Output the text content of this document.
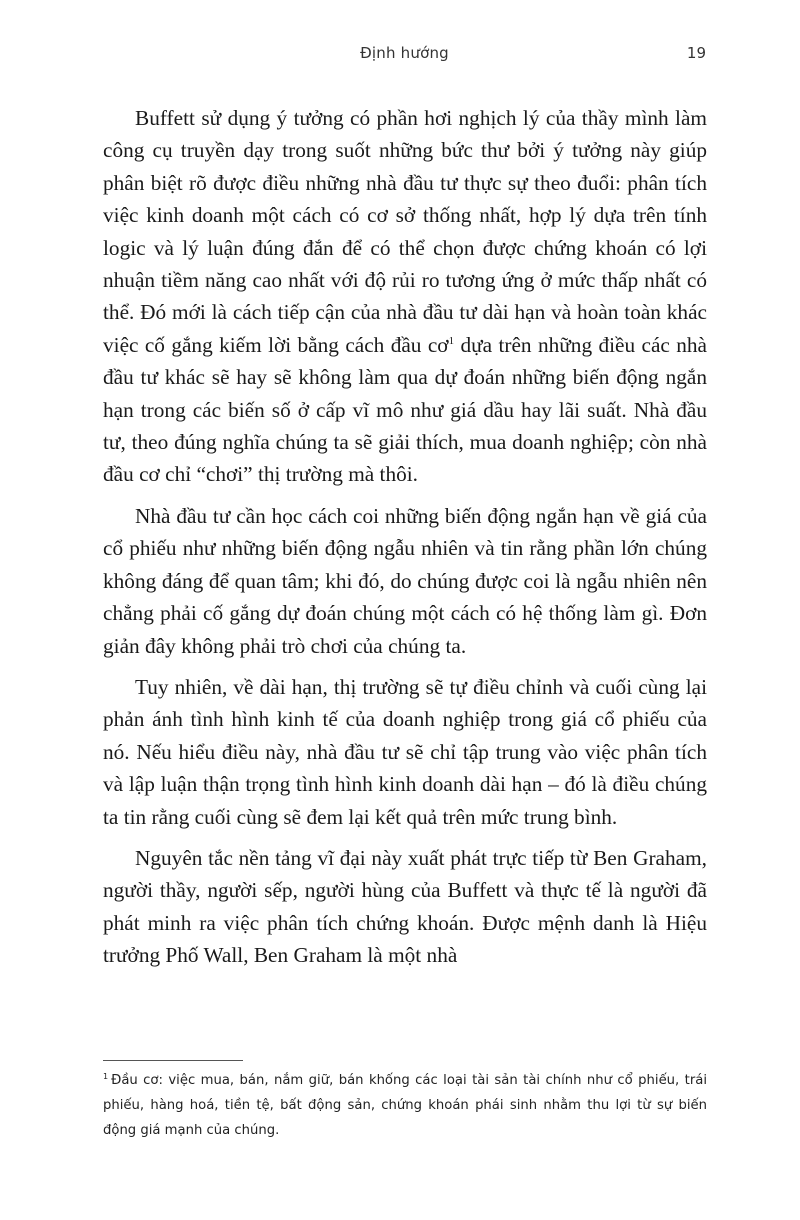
Định hướng	19

Buffett sử dụng ý tưởng có phần hơi nghịch lý của thầy mình làm công cụ truyền dạy trong suốt những bức thư bởi ý tưởng này giúp phân biệt rõ được điều những nhà đầu tư thực sự theo đuổi: phân tích việc kinh doanh một cách có cơ sở thống nhất, hợp lý dựa trên tính logic và lý luận đúng đắn để có thể chọn được chứng khoán có lợi nhuận tiềm năng cao nhất với độ rủi ro tương ứng ở mức thấp nhất có thể. Đó mới là cách tiếp cận của nhà đầu tư dài hạn và hoàn toàn khác việc cố gắng kiếm lời bằng cách đầu $cơ^1$ dựa trên những điều các nhà đầu tư khác sẽ hay sẽ không làm qua dự đoán những biến động ngắn hạn trong các biến số ở cấp vĩ mô như giá dầu hay lãi suất. Nhà đầu tư, theo đúng nghĩa chúng ta sẽ giải thích, mua doanh nghiệp; còn nhà đầu cơ chỉ “chơi” thị trường mà thôi.

Nhà đầu tư cần học cách coi những biến động ngắn hạn về giá của cổ phiếu như những biến động ngẫu nhiên và tin rằng phần lớn chúng không đáng để quan tâm; khi đó, do chúng được coi là ngẫu nhiên nên chẳng phải cố gắng dự đoán chúng một cách có hệ thống làm gì. Đơn giản đây không phải trò chơi của chúng ta.

Tuy nhiên, về dài hạn, thị trường sẽ tự điều chỉnh và cuối cùng lại phản ánh tình hình kinh tế của doanh nghiệp trong giá cổ phiếu của nó. Nếu hiểu điều này, nhà đầu tư sẽ chỉ tập trung vào việc phân tích và lập luận thận trọng tình hình kinh doanh dài hạn – đó là điều chúng ta tin rằng cuối cùng sẽ đem lại kết quả trên mức trung bình.

Nguyên tắc nền tảng vĩ đại này xuất phát trực tiếp từ Ben Graham, người thầy, người sếp, người hùng của Buffett và thực tế là người đã phát minh ra việc phân tích chứng khoán. Được mệnh danh là Hiệu trưởng Phố Wall, Ben Graham là một nhà

$^1$ Đầu cơ: việc mua, bán, nắm giữ, bán khống các loại tài sản tài chính như cổ phiếu, trái phiếu, hàng hoá, tiền tệ, bất động sản, chứng khoán phái sinh nhằm thu lợi từ sự biến động giá mạnh của chúng.
